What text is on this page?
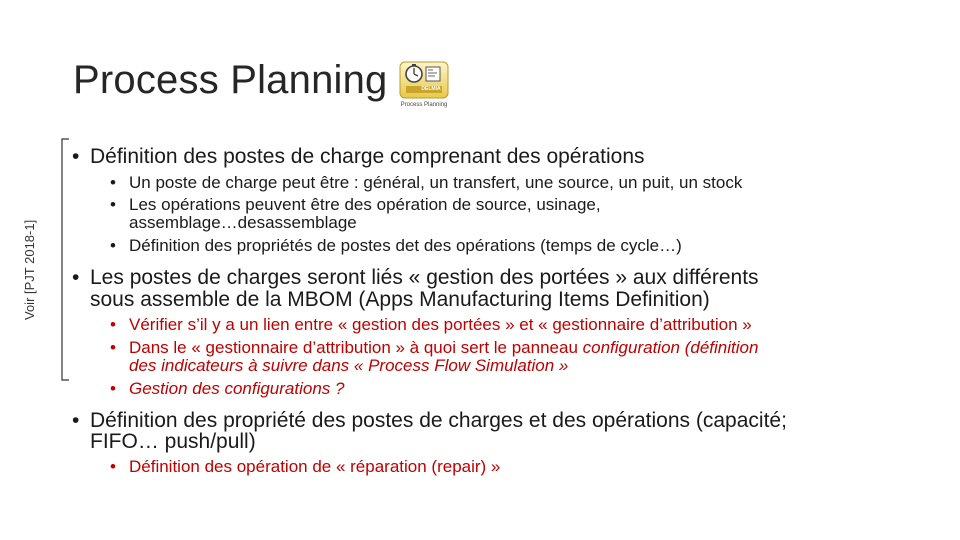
Process Planning	DELMIA
Process Planning
Voir [PJT 2018-1]
• Définition des postes de charge comprenant des opérations
• Un poste de charge peut être : général, un transfert, une source, un puit, un stock
• Les opérations peuvent être des opération de source, usinage,
assemblage…desassemblage
• Définition des propriétés de postes det des opérations (temps de cycle…)
• Les postes de charges seront liés « gestion des portées » aux différents
sous assemble de la MBOM (Apps Manufacturing Items Definition)
• Vérifier s’il y a un lien entre « gestion des portées » et « gestionnaire d’attribution »
• Dans le « gestionnaire d’attribution » à quoi sert le panneau configuration (définition
des indicateurs à suivre dans « Process Flow Simulation »
• Gestion des configurations ?
• Définition des propriété des postes de charges et des opérations (capacité;
FIFO… push/pull)
• Définition des opération de « réparation (repair) »
